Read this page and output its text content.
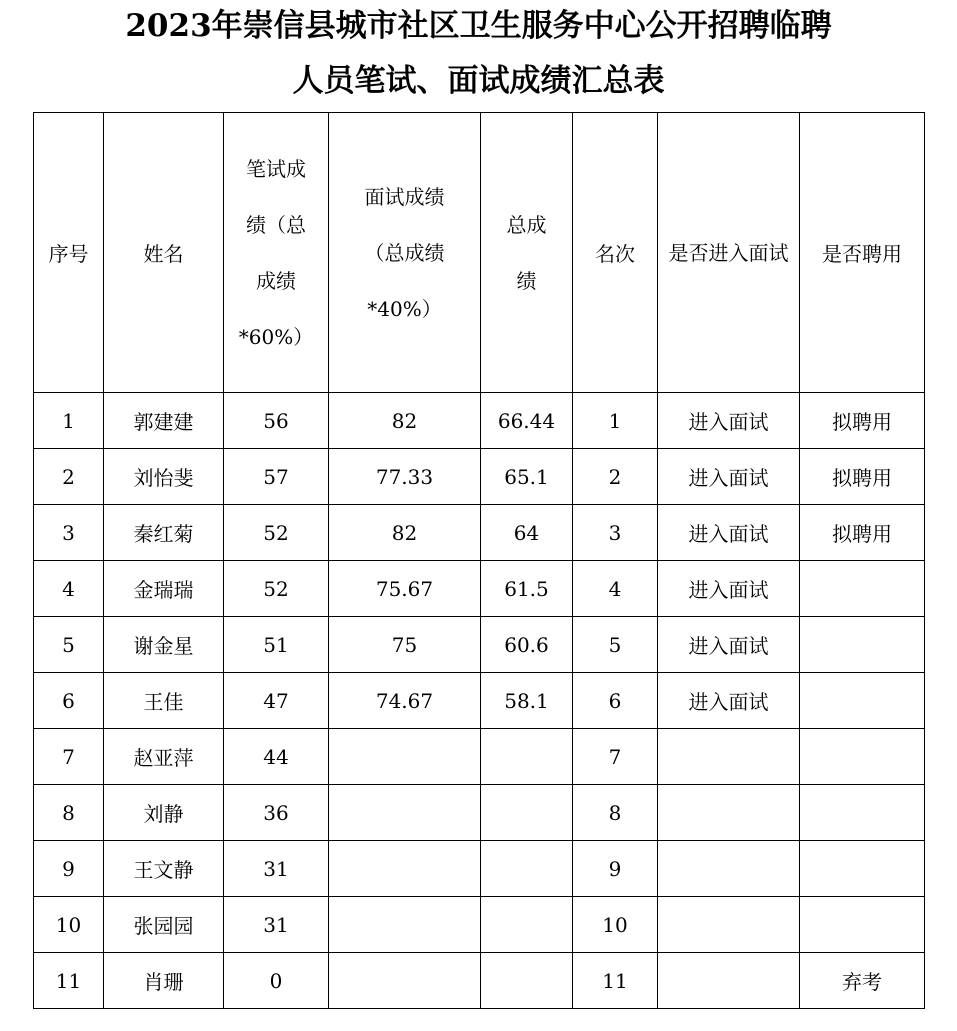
2023年崇信县城市社区卫生服务中心公开招聘临聘
人员笔试、面试成绩汇总表
序号	姓名	笔试成绩（总成绩*60%）	面试成绩（总成绩*40%）	总成绩	名次	是否进入面试	是否聘用
1	郭建建	56	82	66.44	1	进入面试	拟聘用
2	刘怡斐	57	77.33	65.1	2	进入面试	拟聘用
3	秦红菊	52	82	64	3	进入面试	拟聘用
4	金瑞瑞	52	75.67	61.5	4	进入面试	
5	谢金星	51	75	60.6	5	进入面试	
6	王佳	47	74.67	58.1	6	进入面试	
7	赵亚萍	44			7		
8	刘静	36			8		
9	王文静	31			9		
10	张园园	31			10		
11	肖珊	0			11		弃考
